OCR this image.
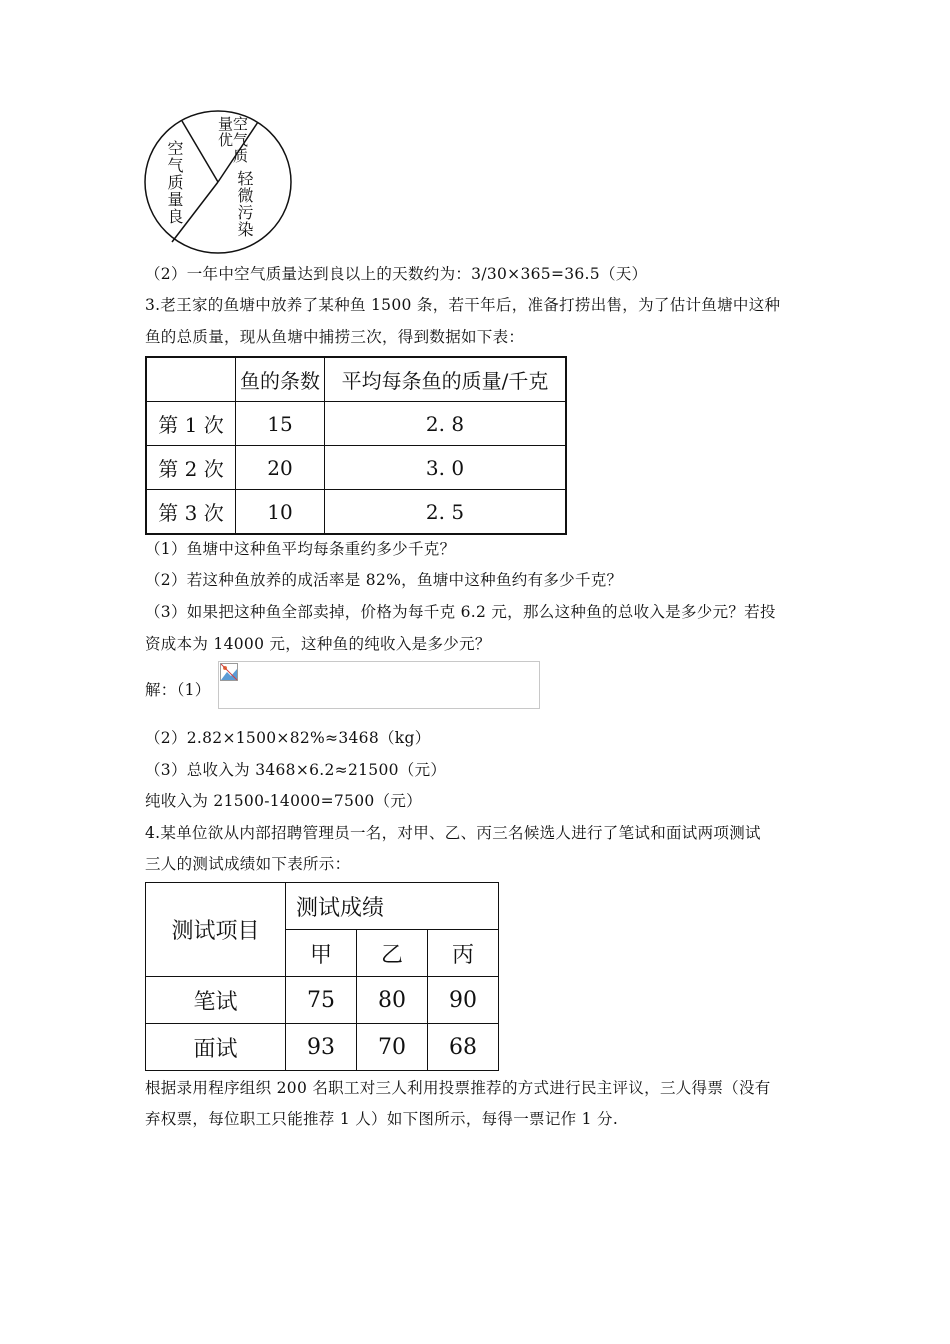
空气质量优
空气质量良	轻微污染
（2）一年中空气质量达到良以上的天数约为：3/30×365=36.5（天）
3.老王家的鱼塘中放养了某种鱼 1500 条，若干年后，准备打捞出售，为了估计鱼塘中这种
鱼的总质量，现从鱼塘中捕捞三次，得到数据如下表：
	鱼的条数	平均每条鱼的质量/千克
第 1 次	15	2. 8
第 2 次	20	3. 0
第 3 次	10	2. 5
（1）鱼塘中这种鱼平均每条重约多少千克？
（2）若这种鱼放养的成活率是 82%，鱼塘中这种鱼约有多少千克？
（3）如果把这种鱼全部卖掉，价格为每千克 6.2 元，那么这种鱼的总收入是多少元？若投
资成本为 14000 元，这种鱼的纯收入是多少元？
解：（1）
（2）2.82×1500×82%≈3468（kg）
（3）总收入为 3468×6.2≈21500（元）
纯收入为 21500-14000=7500（元）
4.某单位欲从内部招聘管理员一名，对甲、乙、丙三名候选人进行了笔试和面试两项测试
三人的测试成绩如下表所示：
测试项目	测试成绩		
	甲	乙	丙
笔试	75	80	90
面试	93	70	68
根据录用程序组织 200 名职工对三人利用投票推荐的方式进行民主评议，三人得票（没有
弃权票，每位职工只能推荐 1 人）如下图所示，每得一票记作 1 分.
